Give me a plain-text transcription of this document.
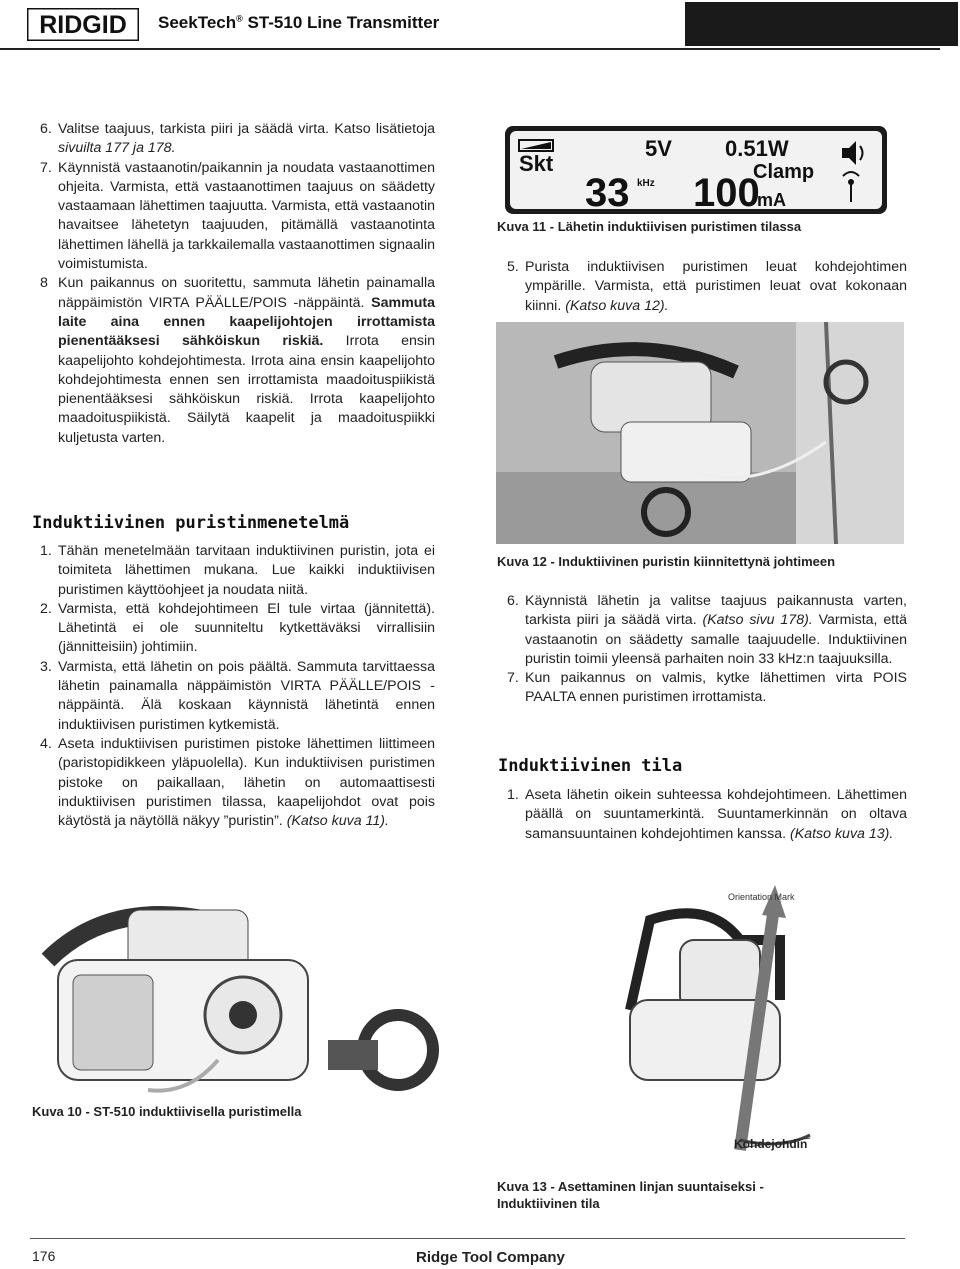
RIDGID SeekTech® ST-510 Line Transmitter

6. Valitse taajuus, tarkista piiri ja säädä virta. Katso lisätietoja sivuilta 177 ja 178.

7. Käynnistä vastaanotin/paikannin ja noudata vastaanottimen ohjeita. Varmista, että vastaanottimen taajuus on säädetty vastaamaan lähettimen taajuutta. Varmista, että vastaanotin havaitsee lähetetyn taajuuden, pitämällä vastaanotinta lähettimen lähellä ja tarkkailemalla vastaanottimen signaalin voimistumista.

8 Kun paikannus on suoritettu, sammuta lähetin painamalla näppäimistön VIRTA PÄÄLLE/POIS -näppäintä. Sammuta laite aina ennen kaapelijohtojen irrottamista pienentääksesi sähköiskun riskiä. Irrota ensin kaapelijohto kohdejohtimesta. Irrota aina ensin kaapelijohto kohdejohtimesta ennen sen irrottamista maadoituspiikistä pienentääksesi sähköiskun riskiä. Irrota kaapelijohto maadoituspiikistä. Säilytä kaapelit ja maadoituspiikki kuljetusta varten.

Induktiivinen puristinmenetelmä

1. Tähän menetelmään tarvitaan induktiivinen puristin, jota ei toimiteta lähettimen mukana. Lue kaikki induktiivisen puristimen käyttöohjeet ja noudata niitä.

2. Varmista, että kohdejohtimeen El tule virtaa (jännitettä). Lähetintä ei ole suunniteltu kytkettäväksi virrallisiin (jännitteisiin) johtimiin.

3. Varmista, että lähetin on pois päältä. Sammuta tarvittaessa lähetin painamalla näppäimistön VIRTA PÄÄLLE/POIS -näppäintä. Älä koskaan käynnistä lähetintä ennen induktiivisen puristimen kytkemistä.

4. Aseta induktiivisen puristimen pistoke lähettimen liittimeen (paristopidikkeen yläpuolella). Kun induktiivisen puristimen pistoke on paikallaan, lähetin on automaattisesti induktiivisen puristimen tilassa, kaapelijohdot ovat pois käytöstä ja näytöllä näkyy ”puristin”. (Katso kuva 11).

Skt
5V 0.51W
Clamp
33 kHz 100
mA
Kuva 11 - Lähetin induktiivisen puristimen tilassa

5. Purista induktiivisen puristimen leuat kohdejohtimen ympärille. Varmista, että puristimen leuat ovat kokonaan kiinni. (Katso kuva 12).

Kuva 12 - Induktiivinen puristin kiinnitettynä johtimeen

6. Käynnistä lähetin ja valitse taajuus paikannusta varten, tarkista piiri ja säädä virta. (Katso sivu 178). Varmista, että vastaanotin on säädetty samalle taajuudelle. Induktiivinen puristin toimii yleensä parhaiten noin 33 kHz:n taajuuksilla.

7. Kun paikannus on valmis, kytke lähettimen virta POIS PAALTA ennen puristimen irrottamista.

Induktiivinen tila

1. Aseta lähetin oikein suhteessa kohdejohtimeen. Lähettimen päällä on suuntamerkintä. Suuntamerkinnän on oltava samansuuntainen kohdejohtimen kanssa. (Katso kuva 13).

Kuva 10 - ST-510 induktiivisella puristimella
Orientation Mark
Kohdejohdin
Kuva 13 - Asettaminen linjan suuntaiseksi -
Induktiivinen tila
176	Ridge Tool Company
